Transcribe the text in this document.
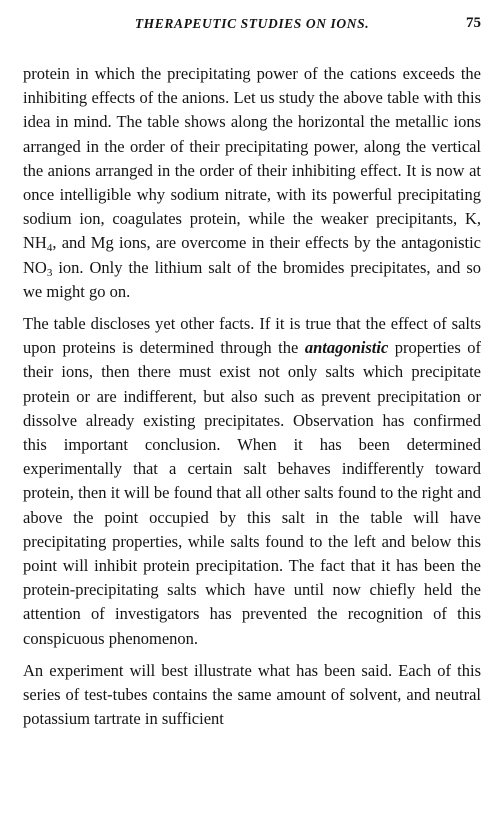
THERAPEUTIC STUDIES ON IONS.	75

protein in which the precipitating power of the cations exceeds the inhibiting effects of the anions. Let us study the above table with this idea in mind. The table shows along the horizontal the metallic ions arranged in the order of their precipitating power, along the vertical the anions arranged in the order of their inhibiting effect. It is now at once intelligible why sodium nitrate, with its powerful precipitating sodium ion, coagulates protein, while the weaker precipitants, K, $NH_4$, and Mg ions, are overcome in their effects by the antagonistic $NO_3$ ion. Only the lithium salt of the bromides precipitates, and so we might go on.

The table discloses yet other facts. If it is true that the effect of salts upon proteins is determined through the antagonistic properties of their ions, then there must exist not only salts which precipitate protein or are indifferent, but also such as prevent precipitation or dissolve already existing precipitates. Observation has confirmed this important conclusion. When it has been determined experimentally that a certain salt behaves indifferently toward protein, then it will be found that all other salts found to the right and above the point occupied by this salt in the table will have precipitating properties, while salts found to the left and below this point will inhibit protein precipitation. The fact that it has been the protein-precipitating salts which have until now chiefly held the attention of investigators has prevented the recognition of this conspicuous phenomenon.

An experiment will best illustrate what has been said. Each of this series of test-tubes contains the same amount of solvent, and neutral potassium tartrate in sufficient
